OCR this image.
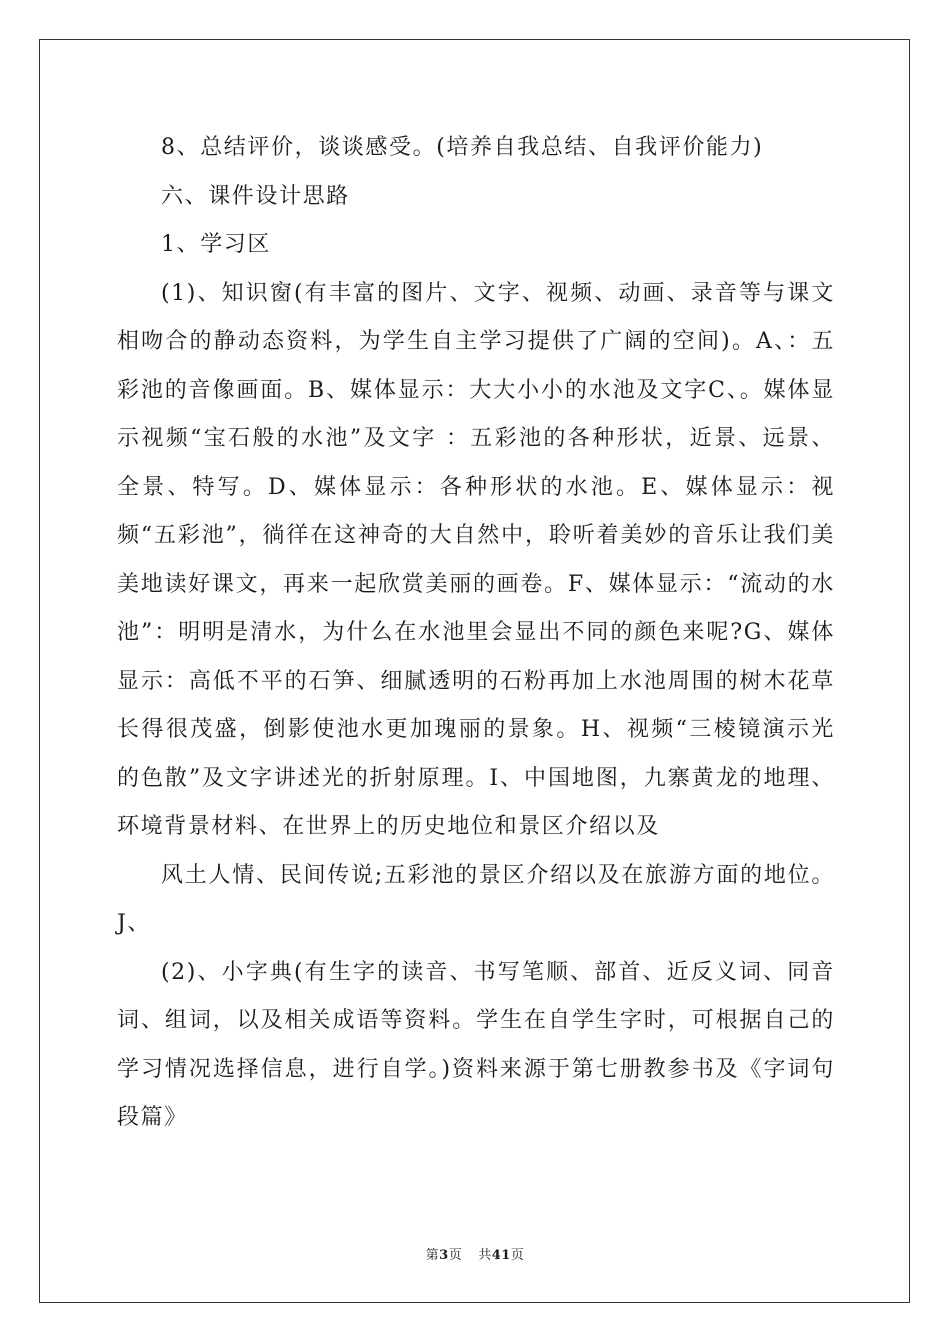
8、总结评价，谈谈感受。(培养自我总结、自我评价能力)

六、课件设计思路

1、学习区

(1)、知识窗(有丰富的图片、文字、视频、动画、录音等与课文相吻合的静动态资料，为学生自主学习提供了广阔的空间)。A、：五彩池的音像画面。B、媒体显示：大大小小的水池及文字C、。媒体显示视频“宝石般的水池”及文字 ：五彩池的各种形状，近景、远景、全景、特写。D、媒体显示：各种形状的水池。E、媒体显示：视频“五彩池”，徜徉在这神奇的大自然中，聆听着美妙的音乐让我们美美地读好课文，再来一起欣赏美丽的画卷。F、媒体显示：“流动的水池”：明明是清水，为什么在水池里会显出不同的颜色来呢?G、媒体显示：高低不平的石笋、细腻透明的石粉再加上水池周围的树木花草长得很茂盛，倒影使池水更加瑰丽的景象。H、视频“三棱镜演示光的色散”及文字讲述光的折射原理。I、中国地图，九寨黄龙的地理、环境背景材料、在世界上的历史地位和景区介绍以及

风土人情、民间传说;五彩池的景区介绍以及在旅游方面的地位。J、

(2)、小字典(有生字的读音、书写笔顺、部首、近反义词、同音词、组词，以及相关成语等资料。学生在自学生字时，可根据自己的学习情况选择信息，进行自学。)资料来源于第七册教参书及《字词句段篇》

第3页 共41页
